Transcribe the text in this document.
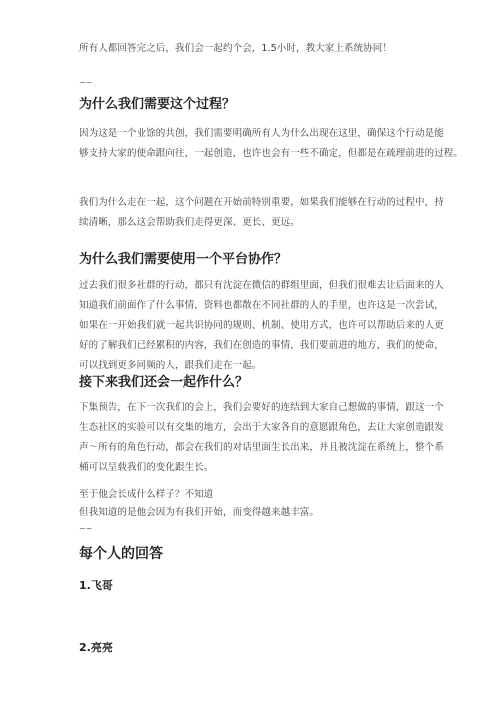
所有人都回答完之后，我们会一起约个会，1.5小时，教大家上系统协同！

~~

为什么我们需要这个过程？

因为这是一个业馀的共创，我们需要明确所有人为什么出现在这里，确保这个行动是能
够支持大家的使命跟向往，一起创造，也许也会有一些不确定，但都是在疏理前进的过程。

我们为什么走在一起，这个问题在开始前特别重要，如果我们能够在行动的过程中，持
续清晰，那么这会帮助我们走得更深、更长、更远。

为什么我们需要使用一个平台协作？

过去我们很多社群的行动，都只有沈淀在微信的群组里面，但我们很难去让后面来的人
知道我们前面作了什么事情，资料也都散在不同社群的人的手里，也许这是一次尝试，
如果在一开始我们就一起共识协同的规则、机制、使用方式，也许可以帮助后来的人更
好的了解我们已经累积的内容，我们在创造的事情，我们要前进的地方，我们的使命，
可以找到更多同频的人，跟我们走在一起。

接下来我们还会一起作什么？

下集预告，在下一次我们的会上，我们会要好的连结到大家自己想做的事情，跟这一个
生态社区的实验可以有交集的地方，会出于大家各自的意愿跟角色，去让大家创造跟发
声～所有的角色行动，都会在我们的对话里面生长出来，并且被沈淀在系统上，整个系
桶可以呈载我们的变化跟生长。

至于他会长成什么样子？不知道
但我知道的是他会因为有我们开始，而变得越来越丰富。

~~

每个人的回答
1.飞哥
2.亮亮
